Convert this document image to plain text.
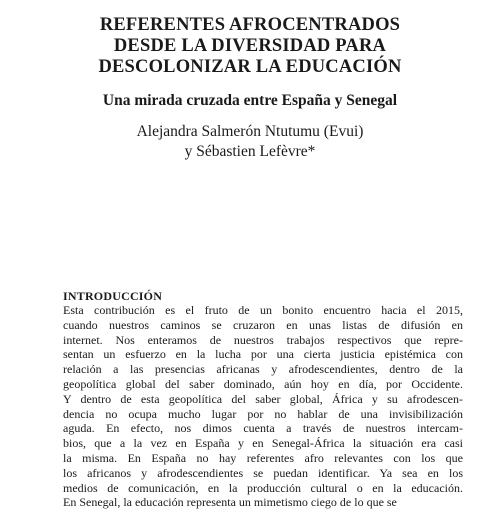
REFERENTES AFROCENTRADOS
DESDE LA DIVERSIDAD PARA
DESCOLONIZAR LA EDUCACIÓN
Una mirada cruzada entre España y Senegal
Alejandra Salmerón Ntutumu (Evui)
y Sébastien Lefèvre*
INTRODUCCIÓN
Esta contribución es el fruto de un bonito encuentro hacia el 2015,
cuando nuestros caminos se cruzaron en unas listas de difusión en
internet. Nos enteramos de nuestros trabajos respectivos que repre-
sentan un esfuerzo en la lucha por una cierta justicia epistémica con
relación a las presencias africanas y afrodescendientes, dentro de la
geopolítica global del saber dominado, aún hoy en día, por Occidente.
Y dentro de esta geopolítica del saber global, África y su afrodescen-
dencia no ocupa mucho lugar por no hablar de una invisibilización
aguda. En efecto, nos dimos cuenta a través de nuestros intercam-
bios, que a la vez en España y en Senegal-África la situación era casi
la misma. En España no hay referentes afro relevantes con los que
los africanos y afrodescendientes se puedan identificar. Ya sea en los
medios de comunicación, en la producción cultural o en la educación.
En Senegal, la educación representa un mimetismo ciego de lo que se
